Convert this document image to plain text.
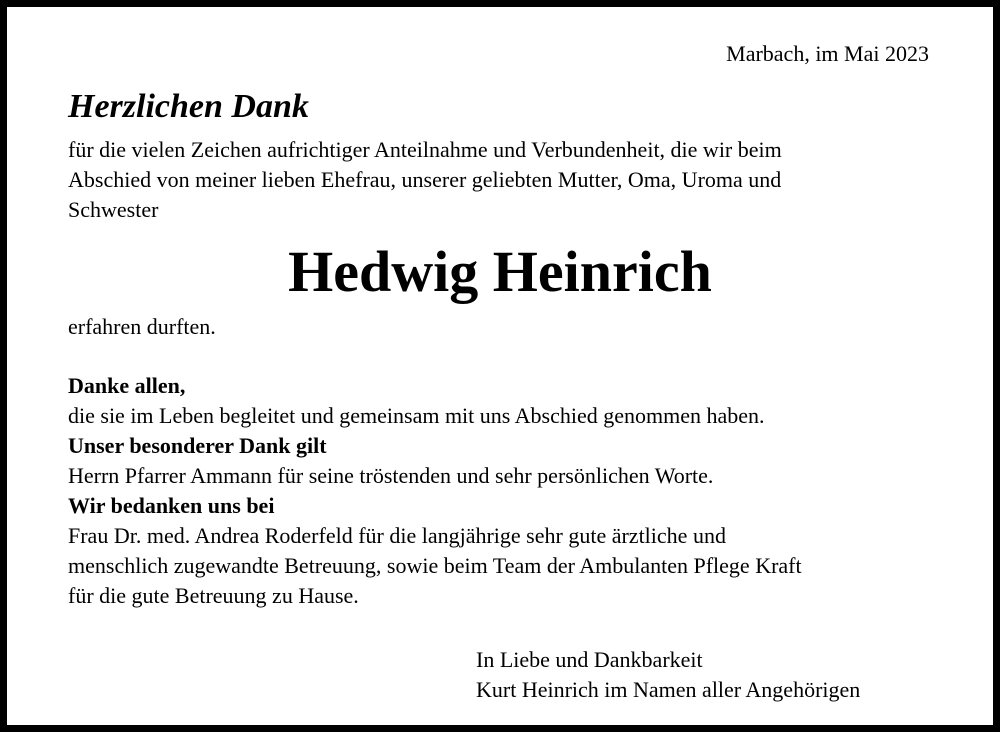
Marbach, im Mai 2023
Herzlichen Dank
für die vielen Zeichen aufrichtiger Anteilnahme und Verbundenheit, die wir beim
Abschied von meiner lieben Ehefrau, unserer geliebten Mutter, Oma, Uroma und
Schwester
Hedwig Heinrich
erfahren durften.
Danke allen,
die sie im Leben begleitet und gemeinsam mit uns Abschied genommen haben.
Unser besonderer Dank gilt
Herrn Pfarrer Ammann für seine tröstenden und sehr persönlichen Worte.
Wir bedanken uns bei
Frau Dr. med. Andrea Roderfeld für die langjährige sehr gute ärztliche und
menschlich zugewandte Betreuung, sowie beim Team der Ambulanten Pflege Kraft
für die gute Betreuung zu Hause.
In Liebe und Dankbarkeit
Kurt Heinrich im Namen aller Angehörigen
